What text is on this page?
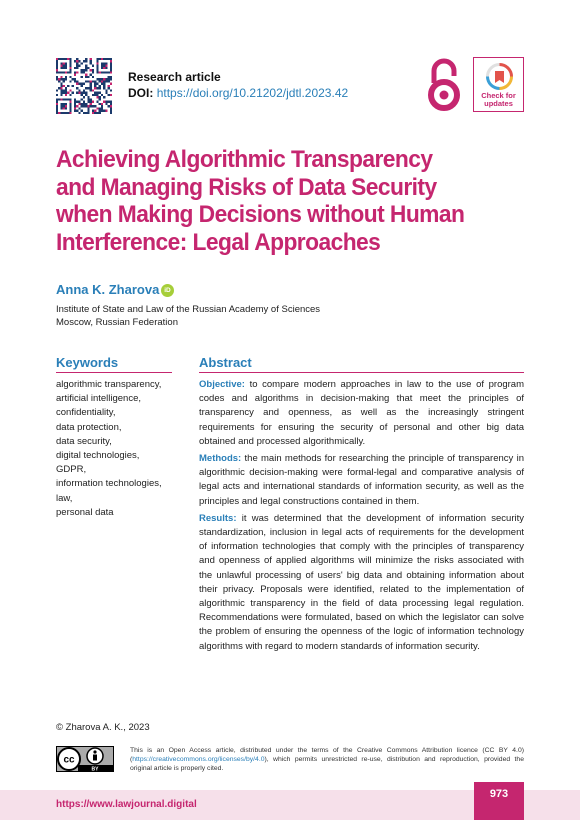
Research article
DOI: https://doi.org/10.21202/jdtl.2023.42	Check for
updates
Achieving Algorithmic Transparency and Managing Risks of Data Security when Making Decisions without Human Interference: Legal Approaches
Anna K. Zharova iD
Institute of State and Law of the Russian Academy of Sciences
Moscow, Russian Federation
Keywords
algorithmic transparency,
artificial intelligence,
confidentiality,
data protection,
data security,
digital technologies,
GDPR,
information technologies,
law,
personal data
Abstract

Objective: to compare modern approaches in law to the use of program codes and algorithms in decision-making that meet the principles of transparency and openness, as well as the increasingly stringent requirements for ensuring the security of personal and other big data obtained and processed algorithmically.

Methods: the main methods for researching the principle of transparency in algorithmic decision-making were formal-legal and comparative analysis of legal acts and international standards of information security, as well as the principles and legal constructions contained in them.

Results: it was determined that the development of information security standardization, inclusion in legal acts of requirements for the development of information technologies that comply with the principles of transparency and openness of applied algorithms will minimize the risks associated with the unlawful processing of users' big data and obtaining information about their privacy. Proposals were identified, related to the implementation of algorithmic transparency in the field of data processing legal regulation. Recommendations were formulated, based on which the legislator can solve the problem of ensuring the openness of the logic of information technology algorithms with regard to modern standards of information security.

© Zharova A. K., 2023
cc
BY
This is an Open Access article, distributed under the terms of the Creative Commons Attribution licence (CC BY 4.0) (https://creativecommons.org/licenses/by/4.0), which permits unrestricted re-use, distribution and reproduction, provided the original article is properly cited.
https://www.lawjournal.digital
973
